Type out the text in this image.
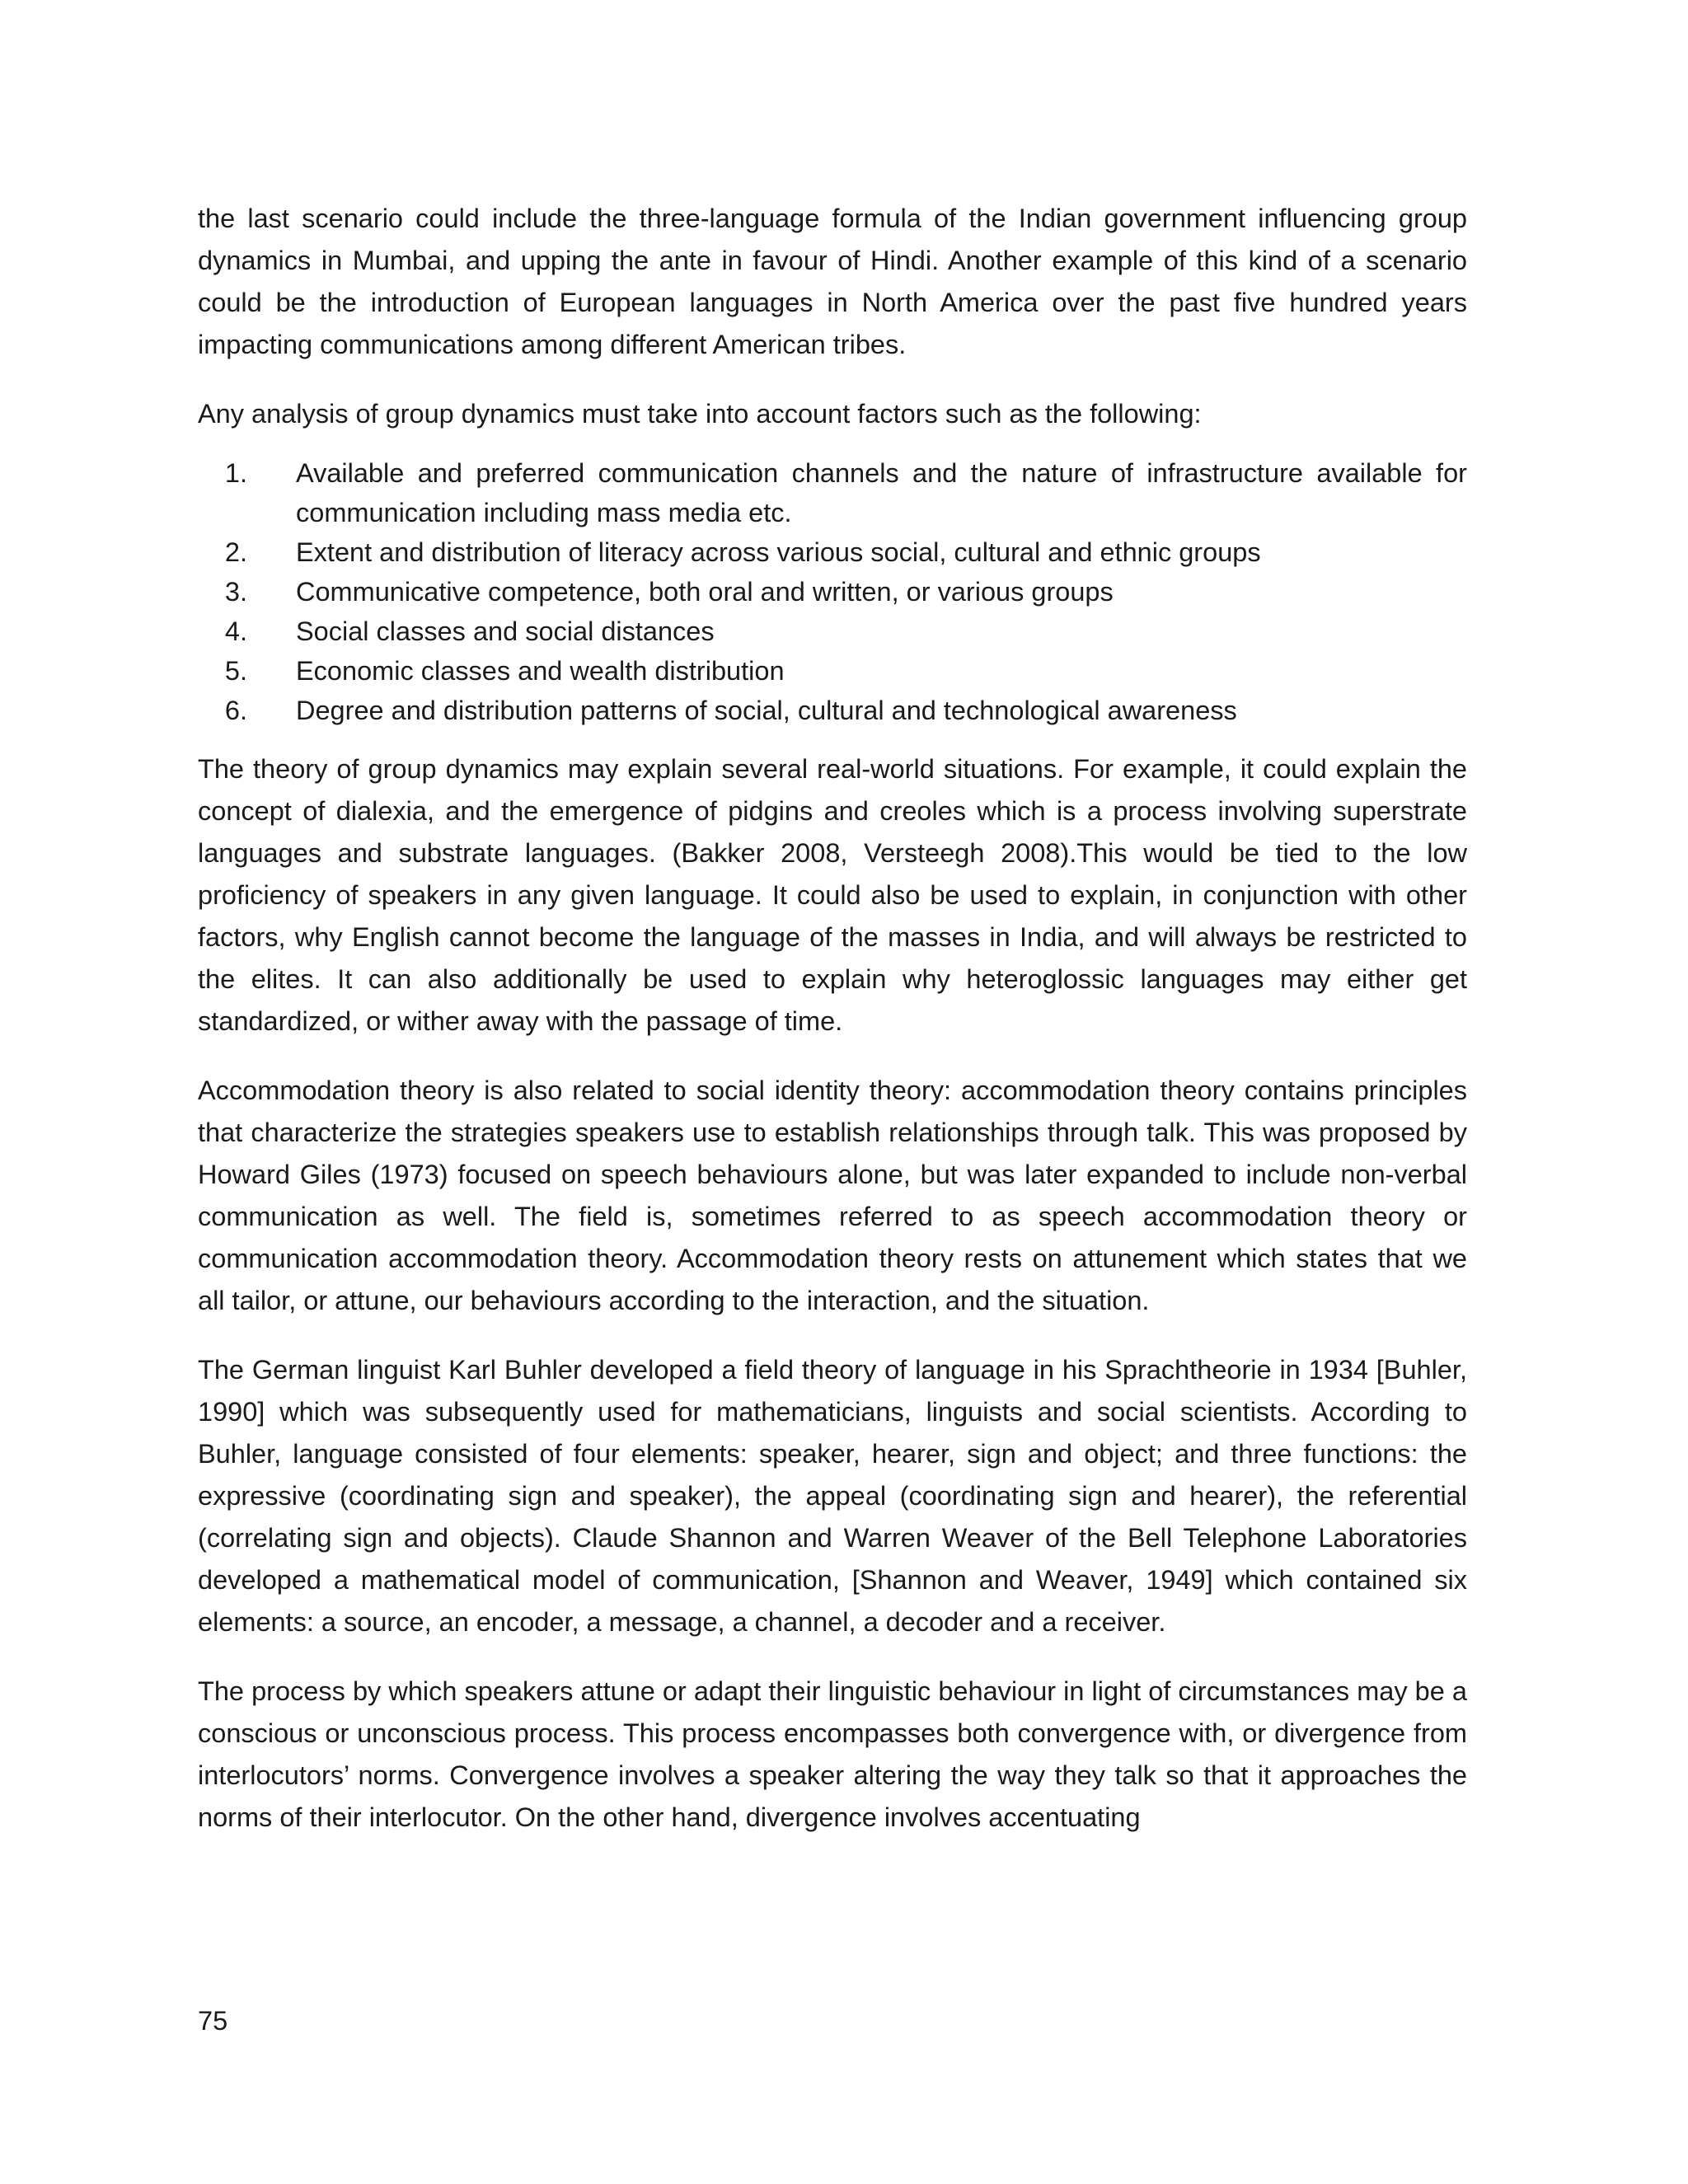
the last scenario could include the three-language formula of the Indian government influencing group dynamics in Mumbai, and upping the ante in favour of Hindi. Another example of this kind of a scenario could be the introduction of European languages in North America over the past five hundred years impacting communications among different American tribes.

Any analysis of group dynamics must take into account factors such as the following:

1.	Available and preferred communication channels and the nature of infrastructure available for communication including mass media etc.
2.	Extent and distribution of literacy across various social, cultural and ethnic groups
3.	Communicative competence, both oral and written, or various groups
4.	Social classes and social distances
5.	Economic classes and wealth distribution
6.	Degree and distribution patterns of social, cultural and technological awareness

The theory of group dynamics may explain several real-world situations. For example, it could explain the concept of dialexia, and the emergence of pidgins and creoles which is a process involving superstrate languages and substrate languages. (Bakker 2008, Versteegh 2008).This would be tied to the low proficiency of speakers in any given language. It could also be used to explain, in conjunction with other factors, why English cannot become the language of the masses in India, and will always be restricted to the elites. It can also additionally be used to explain why heteroglossic languages may either get standardized, or wither away with the passage of time.

Accommodation theory is also related to social identity theory: accommodation theory contains principles that characterize the strategies speakers use to establish relationships through talk. This was proposed by Howard Giles (1973) focused on speech behaviours alone, but was later expanded to include non-verbal communication as well. The field is, sometimes referred to as speech accommodation theory or communication accommodation theory. Accommodation theory rests on attunement which states that we all tailor, or attune, our behaviours according to the interaction, and the situation.

The German linguist Karl Buhler developed a field theory of language in his Sprachtheorie in 1934 [Buhler, 1990] which was subsequently used for mathematicians, linguists and social scientists. According to Buhler, language consisted of four elements: speaker, hearer, sign and object; and three functions: the expressive (coordinating sign and speaker), the appeal (coordinating sign and hearer), the referential (correlating sign and objects). Claude Shannon and Warren Weaver of the Bell Telephone Laboratories developed a mathematical model of communication, [Shannon and Weaver, 1949] which contained six elements: a source, an encoder, a message, a channel, a decoder and a receiver.

The process by which speakers attune or adapt their linguistic behaviour in light of circumstances may be a conscious or unconscious process. This process encompasses both convergence with, or divergence from interlocutors’ norms. Convergence involves a speaker altering the way they talk so that it approaches the norms of their interlocutor. On the other hand, divergence involves accentuating

75
